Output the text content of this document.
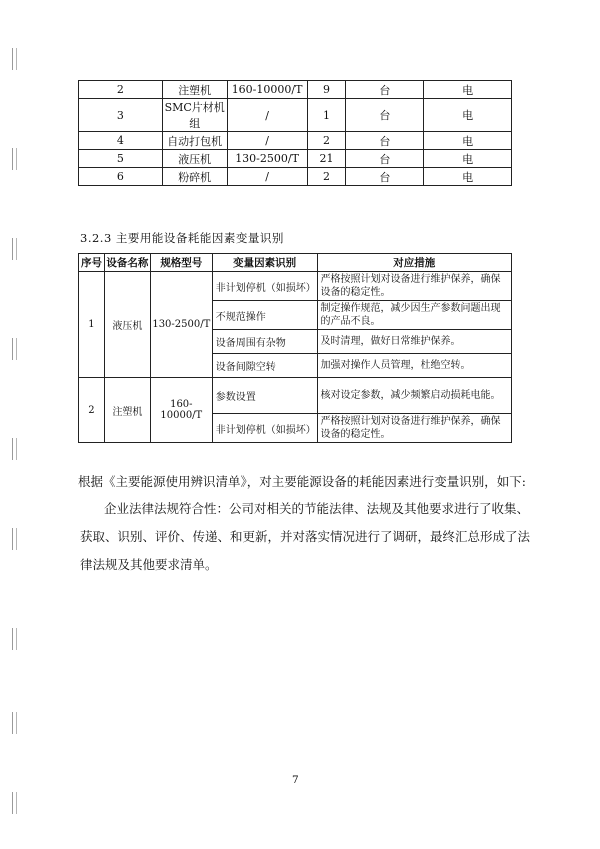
2	注塑机	160-10000/T	9	台	电
3	SMC片材机组	/	1	台	电
4	自动打包机	/	2	台	电
5	液压机	130-2500/T	21	台	电
6	粉碎机	/	2	台	电
3.2.3 主要用能设备耗能因素变量识别
序号	设备名称	规格型号	变量因素识别	对应措施
1	液压机	130-2500/T	非计划停机（如损坏）	严格按照计划对设备进行维护保养，确保设备的稳定性。
			不规范操作	制定操作规范，减少因生产参数问题出现的产品不良。
			设备周围有杂物	及时清理，做好日常维护保养。
			设备间隙空转	加强对操作人员管理，杜绝空转。
2	注塑机	160-10000/T	参数设置	核对设定参数，减少频繁启动损耗电能。
			非计划停机（如损坏）	严格按照计划对设备进行维护保养，确保设备的稳定性。

根据《主要能源使用辨识清单》，对主要能源设备的耗能因素进行变量识别，如下:

企业法律法规符合性：公司对相关的节能法律、法规及其他要求进行了收集、获取、识别、评价、传递、和更新，并对落实情况进行了调研，最终汇总形成了法律法规及其他要求清单。

7
